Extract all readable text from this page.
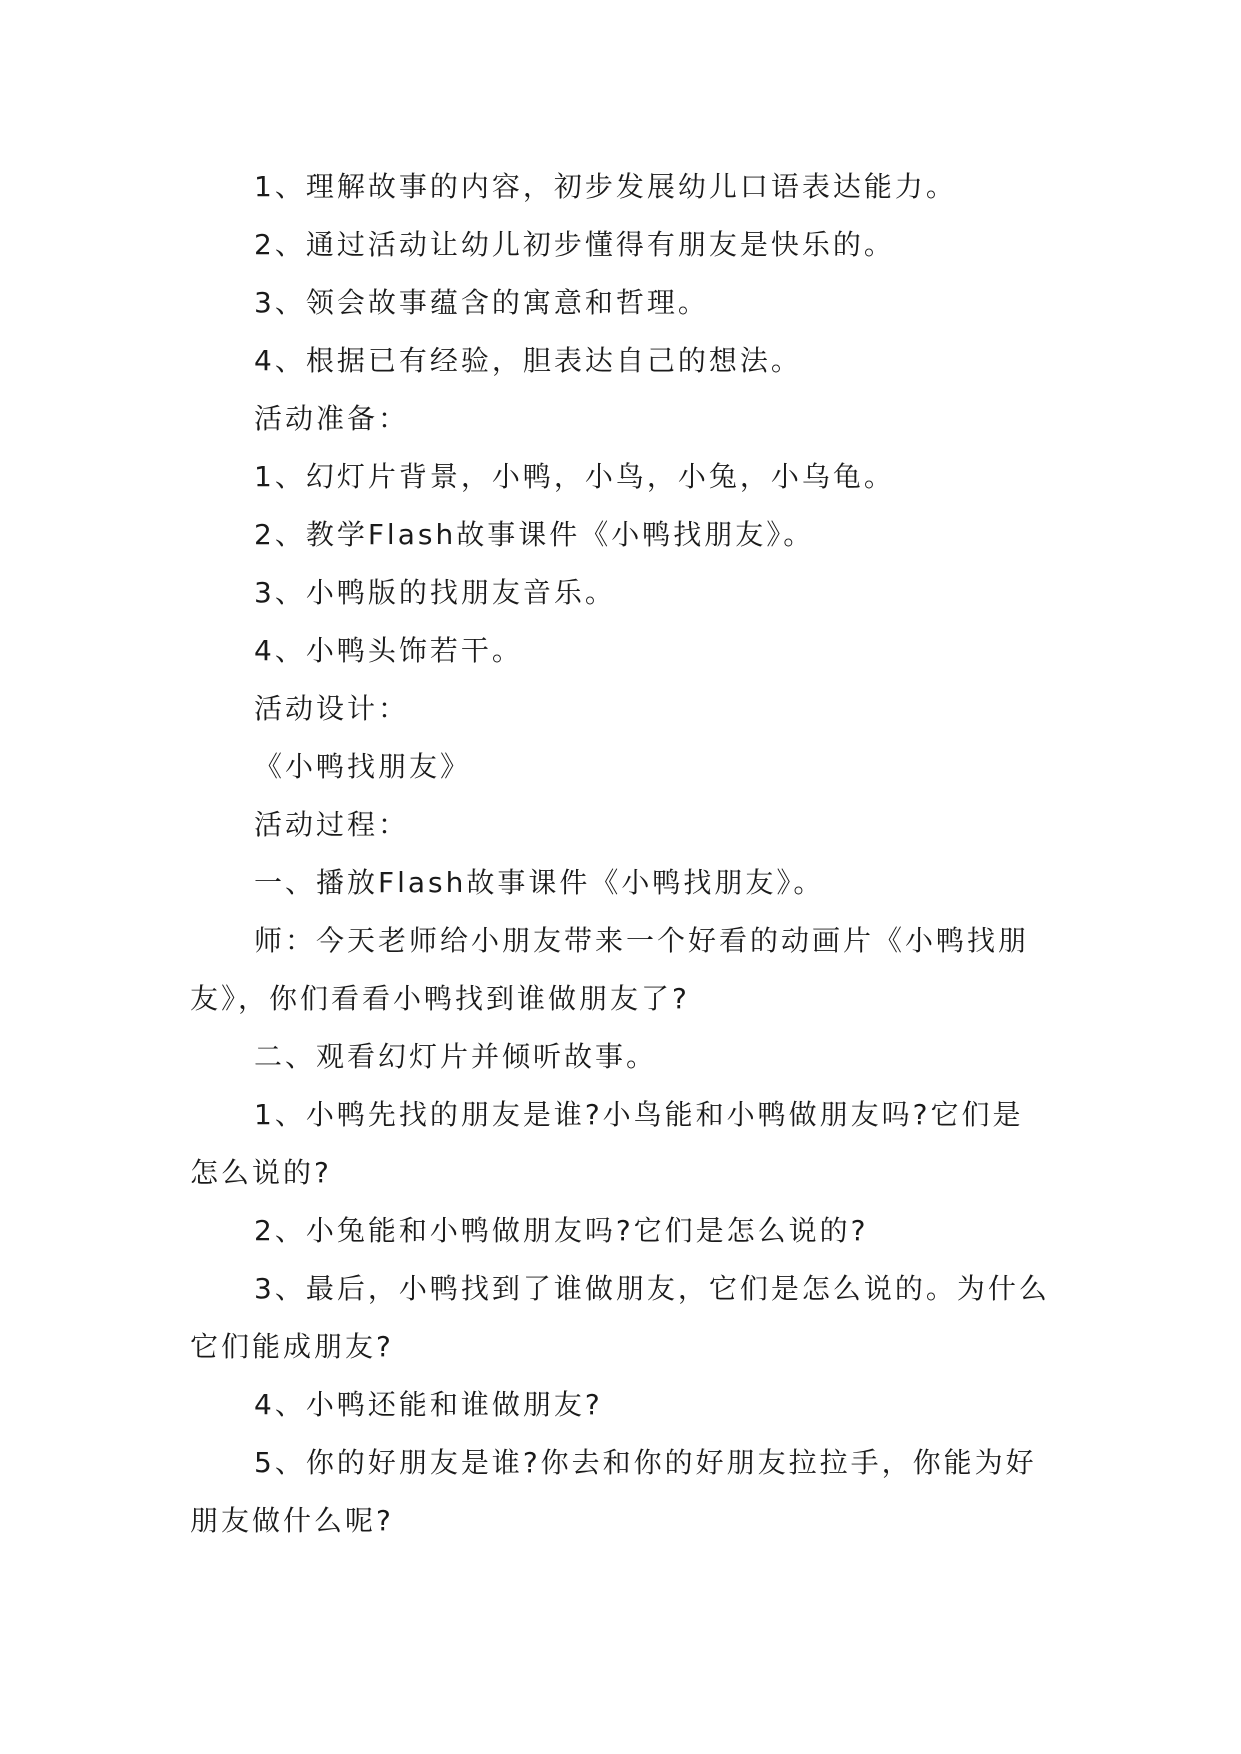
1、理解故事的内容，初步发展幼儿口语表达能力。

2、通过活动让幼儿初步懂得有朋友是快乐的。

3、领会故事蕴含的寓意和哲理。

4、根据已有经验，胆表达自己的想法。

活动准备：

1、幻灯片背景，小鸭，小鸟，小兔，小乌龟。

2、教学Flash故事课件《小鸭找朋友》。

3、小鸭版的找朋友音乐。

4、小鸭头饰若干。

活动设计：

《小鸭找朋友》

活动过程：

一、播放Flash故事课件《小鸭找朋友》。

师：今天老师给小朋友带来一个好看的动画片《小鸭找朋友》，你们看看小鸭找到谁做朋友了?

二、观看幻灯片并倾听故事。

1、小鸭先找的朋友是谁?小鸟能和小鸭做朋友吗?它们是怎么说的?

2、小兔能和小鸭做朋友吗?它们是怎么说的?

3、最后，小鸭找到了谁做朋友，它们是怎么说的。为什么它们能成朋友?

4、小鸭还能和谁做朋友?

5、你的好朋友是谁?你去和你的好朋友拉拉手，你能为好朋友做什么呢?
